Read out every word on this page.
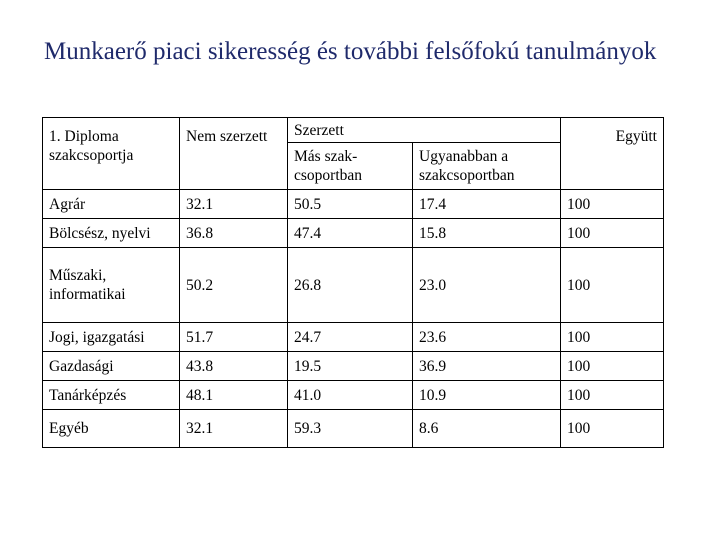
Munkaerő piaci sikeresség és további felsőfokú tanulmányok
1. Diploma szakcsoportja	Nem szerzett	Szerzett		Együtt
		Más szak-csoportban	Ugyanabban a szakcsoportban	
Agrár	32.1	50.5	17.4	100
Bölcsész, nyelvi	36.8	47.4	15.8	100
Műszaki, informatikai	50.2	26.8	23.0	100
Jogi, igazgatási	51.7	24.7	23.6	100
Gazdasági	43.8	19.5	36.9	100
Tanárképzés	48.1	41.0	10.9	100
Egyéb	32.1	59.3	8.6	100
